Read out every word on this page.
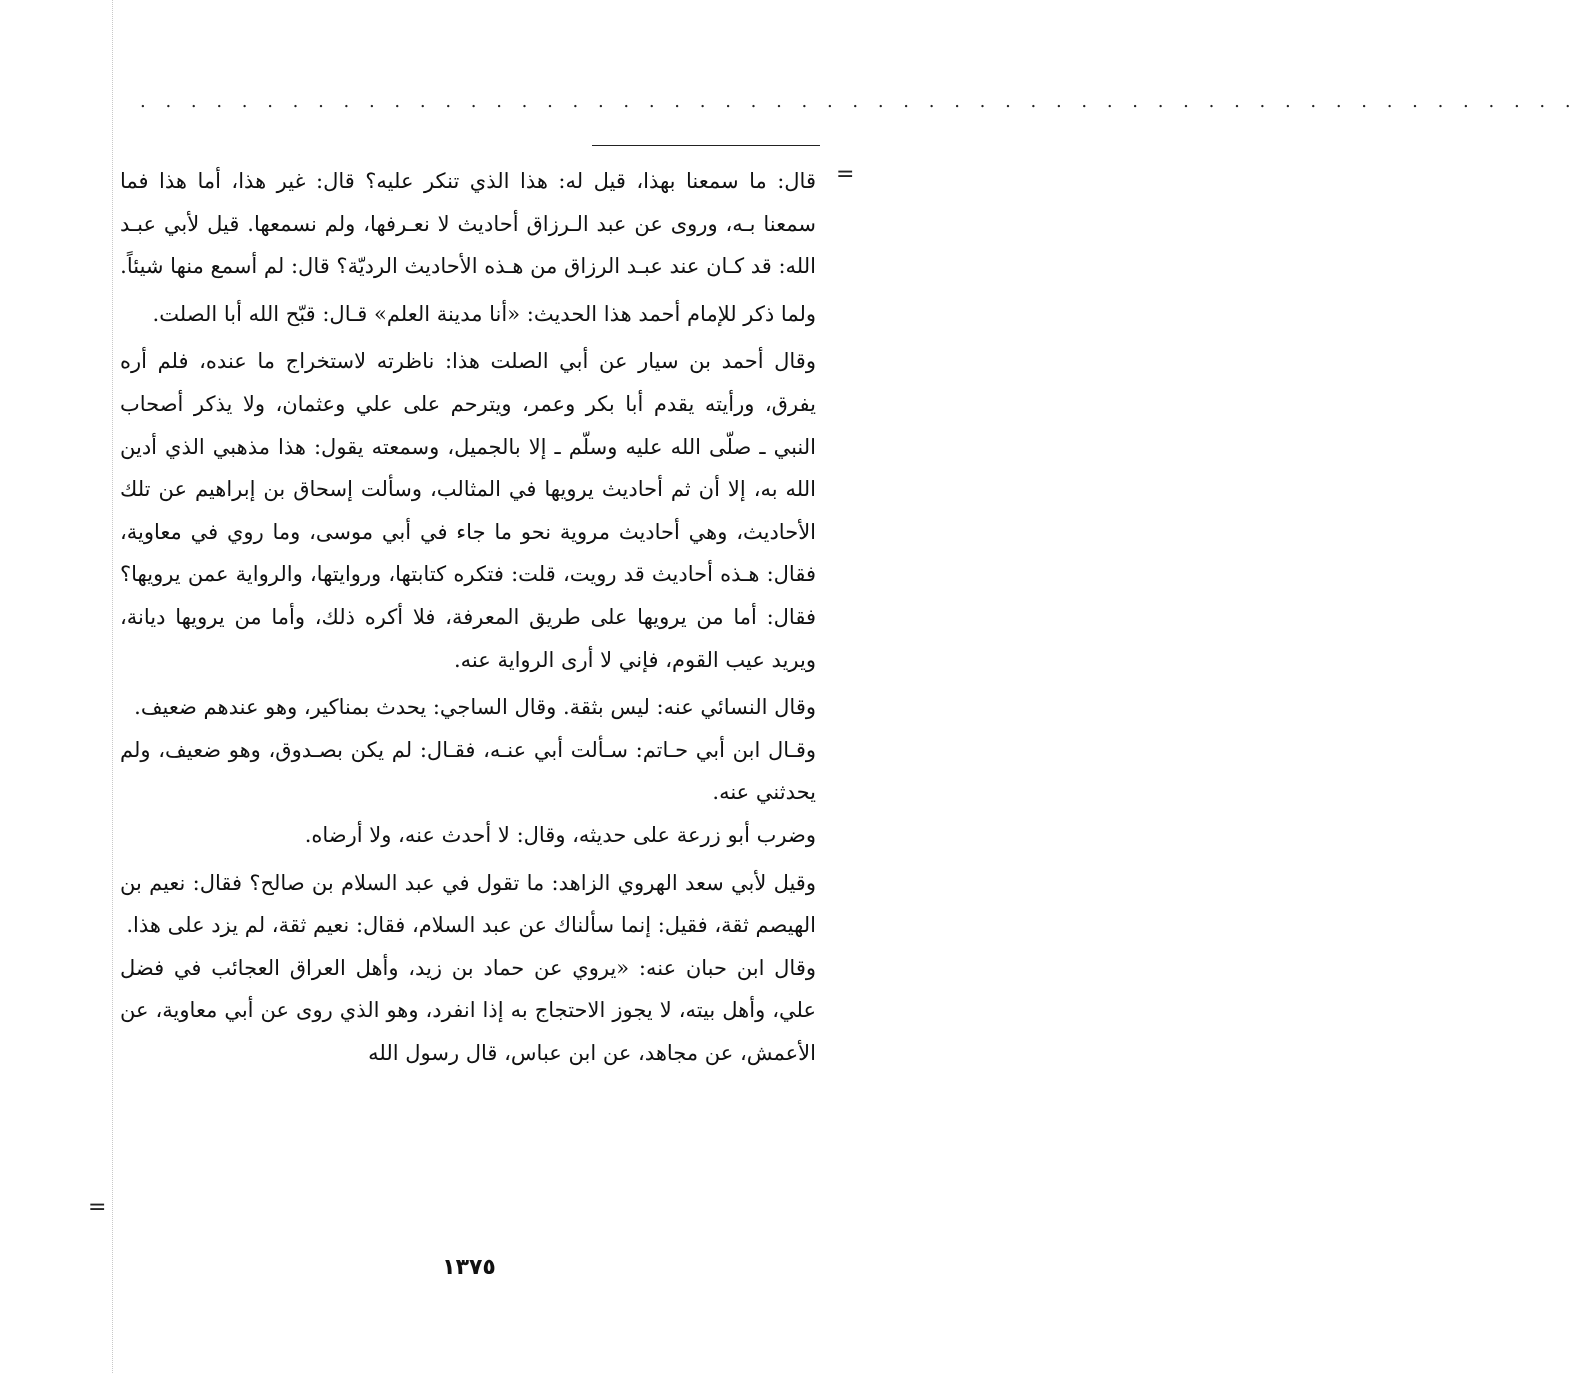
. . . . . . . . . . . . . . . . . . . . . . . . . . . . . . . . . . . . . . . . . . . . . . . . . . . . . . . . .
=

قال: ما سمعنا بهذا، قيل له: هذا الذي تنكر عليه؟ قال: غير هذا، أما هذا فما سمعنا بـه، وروى عن عبد الـرزاق أحاديث لا نعـرفها، ولم نسمعها. قيل لأبي عبـد الله: قد كـان عند عبـد الرزاق من هـذه الأحاديث الرديّة؟ قال: لم أسمع منها شيئاً.

ولما ذكر للإمام أحمد هذا الحديث: «أنا مدينة العلم» قـال: قبّح الله أبا الصلت.

وقال أحمد بن سيار عن أبي الصلت هذا: ناظرته لاستخراج ما عنده، فلم أره يفرق، ورأيته يقدم أبا بكر وعمر، ويترحم على علي وعثمان، ولا يذكر أصحاب النبي ـ صلّى الله عليه وسلّم ـ إلا بالجميل، وسمعته يقول: هذا مذهبي الذي أدين الله به، إلا أن ثم أحاديث يرويها في المثالب، وسألت إسحاق بن إبراهيم عن تلك الأحاديث، وهي أحاديث مروية نحو ما جاء في أبي موسى، وما روي في معاوية، فقال: هـذه أحاديث قد رويت، قلت: فتكره كتابتها، وروايتها، والرواية عمن يرويها؟ فقال: أما من يرويها على طريق المعرفة، فلا أكره ذلك، وأما من يرويها ديانة، ويريد عيب القوم، فإني لا أرى الرواية عنه.

وقال النسائي عنه: ليس بثقة. وقال الساجي: يحدث بمناكير، وهو عندهم ضعيف.

وقـال ابن أبي حـاتم: سـألت أبي عنـه، فقـال: لم يكن بصـدوق، وهو ضعيف، ولم يحدثني عنه.

وضرب أبو زرعة على حديثه، وقال: لا أحدث عنه، ولا أرضاه.

وقيل لأبي سعد الهروي الزاهد: ما تقول في عبد السلام بن صالح؟ فقال: نعيم بن الهيصم ثقة، فقيل: إنما سألناك عن عبد السلام، فقال: نعيم ثقة، لم يزد على هذا.

وقال ابن حبان عنه: «يروي عن حماد بن زيد، وأهل العراق العجائب في فضل علي، وأهل بيته، لا يجوز الاحتجاج به إذا انفرد، وهو الذي روى عن أبي معاوية، عن الأعمش، عن مجاهد، عن ابن عباس، قال رسول الله

=
١٣٧٥
